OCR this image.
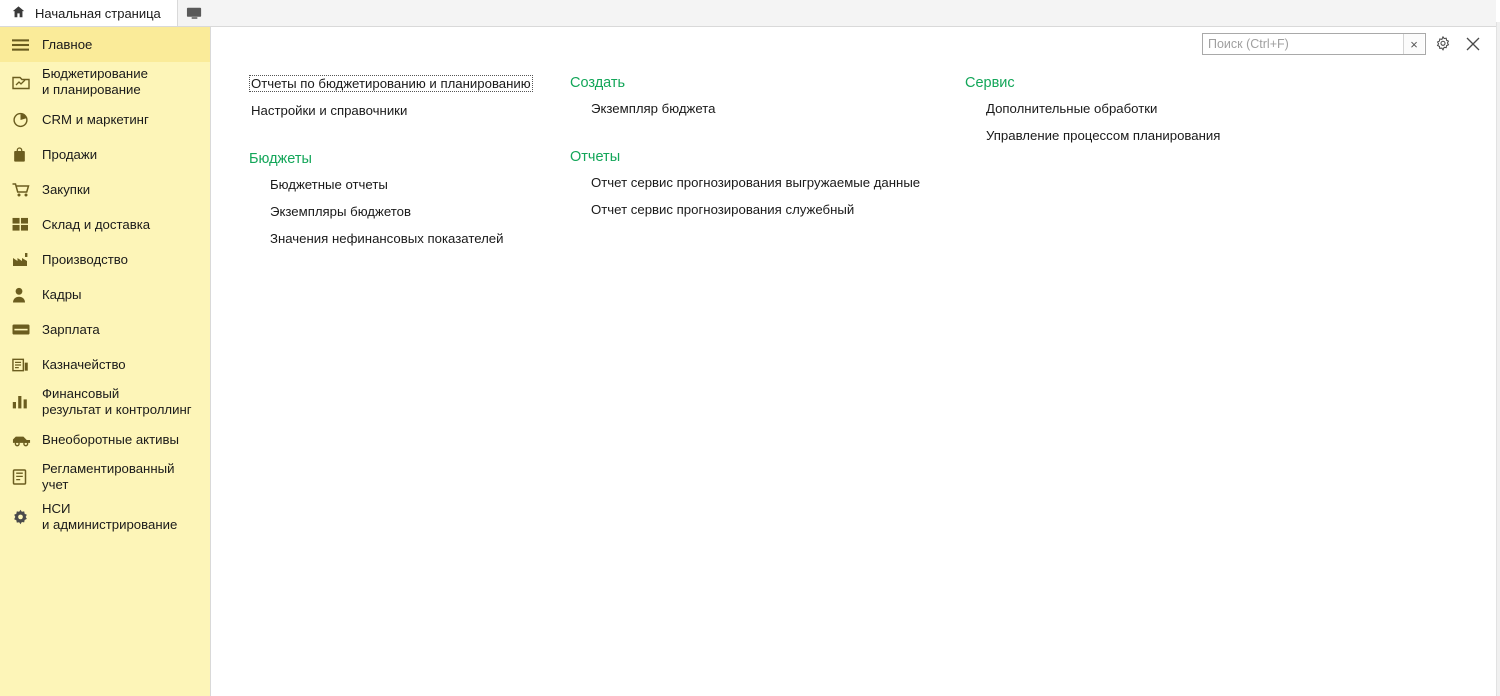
Начальная страница
Главное
Бюджетирование
и планирование
CRM и маркетинг
Продажи
Закупки
Склад и доставка
Производство
Кадры
Зарплата
Казначейство
Финансовый
результат и контроллинг
Внеоборотные активы
Регламентированный
учет
НСИ
и администрирование
Поиск (Ctrl+F)
×
Отчеты по бюджетированию и планированию
Настройки и справочники
Бюджеты
Бюджетные отчеты
Экземпляры бюджетов
Значения нефинансовых показателей
Создать
Экземпляр бюджета
Отчеты
Отчет сервис прогнозирования выгружаемые данные
Отчет сервис прогнозирования служебный
Сервис
Дополнительные обработки
Управление процессом планирования
